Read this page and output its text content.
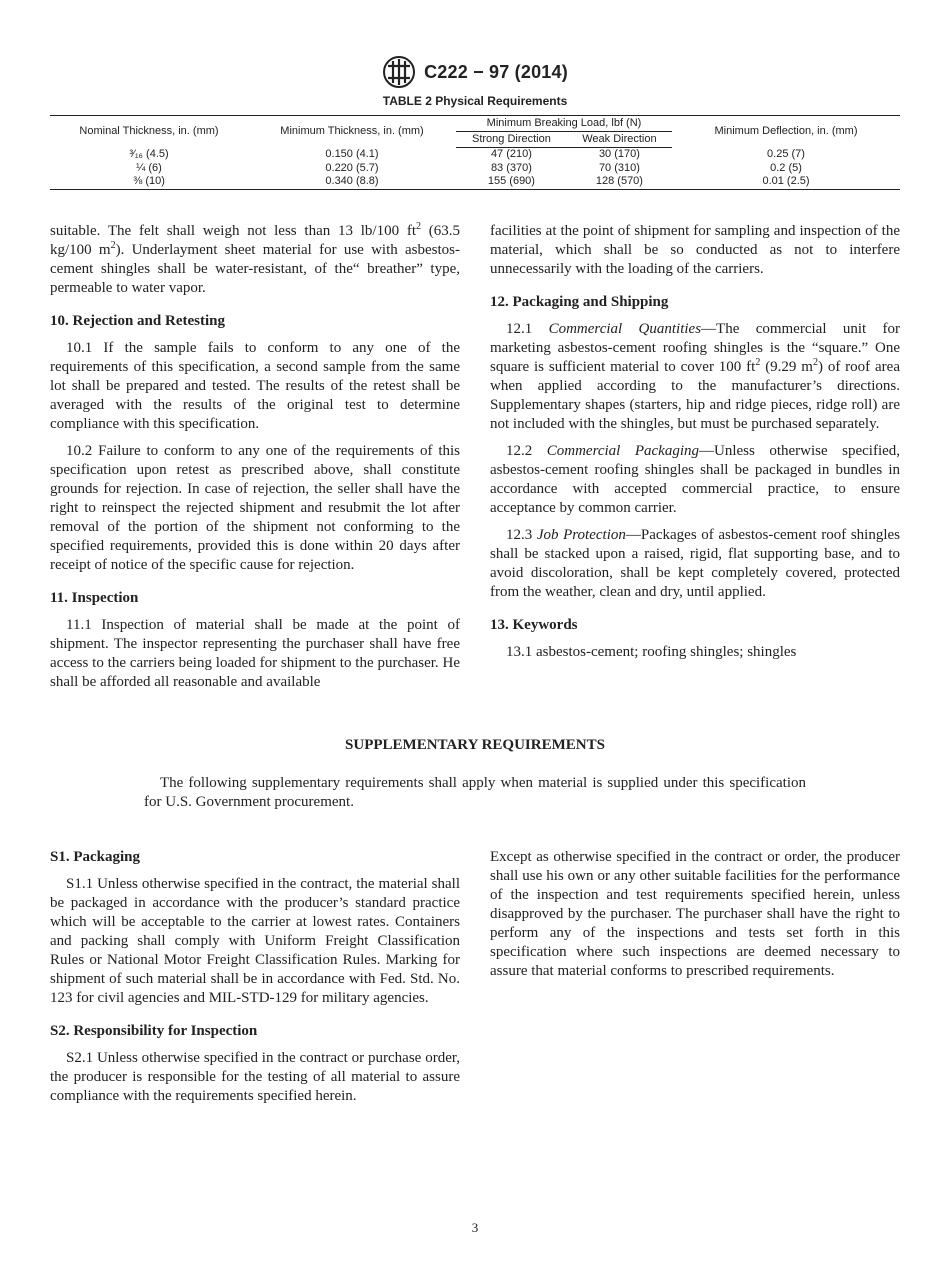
C222 − 97 (2014)
TABLE 2 Physical Requirements
Nominal Thickness, in. (mm)	Minimum Thickness, in. (mm)	Minimum Breaking Load, lbf (N)		Minimum Deflection, in. (mm)
		Strong Direction	Weak Direction	
³⁄₁₆ (4.5)	0.150 (4.1)	47 (210)	30 (170)	0.25 (7)
¼ (6)	0.220 (5.7)	83 (370)	70 (310)	0.2 (5)
⅜ (10)	0.340 (8.8)	155 (690)	128 (570)	0.01 (2.5)

suitable. The felt shall weigh not less than 13 lb/100 $ft^2$ (63.5 kg/100 $m^2$). Underlayment sheet material for use with asbestos-cement shingles shall be water-resistant, of the“ breather” type, permeable to water vapor.

10. Rejection and Retesting

10.1 If the sample fails to conform to any one of the requirements of this specification, a second sample from the same lot shall be prepared and tested. The results of the retest shall be averaged with the results of the original test to determine compliance with this specification.

10.2 Failure to conform to any one of the requirements of this specification upon retest as prescribed above, shall constitute grounds for rejection. In case of rejection, the seller shall have the right to reinspect the rejected shipment and resubmit the lot after removal of the portion of the shipment not conforming to the specified requirements, provided this is done within 20 days after receipt of notice of the specific cause for rejection.

11. Inspection

11.1 Inspection of material shall be made at the point of shipment. The inspector representing the purchaser shall have free access to the carriers being loaded for shipment to the purchaser. He shall be afforded all reasonable and available

facilities at the point of shipment for sampling and inspection of the material, which shall be so conducted as not to interfere unnecessarily with the loading of the carriers.

12. Packaging and Shipping

12.1 Commercial Quantities—The commercial unit for marketing asbestos-cement roofing shingles is the “square.” One square is sufficient material to cover 100 $ft^2$ (9.29 $m^2$) of roof area when applied according to the manufacturer’s directions. Supplementary shapes (starters, hip and ridge pieces, ridge roll) are not included with the shingles, but must be purchased separately.

12.2 Commercial Packaging—Unless otherwise specified, asbestos-cement roofing shingles shall be packaged in bundles in accordance with accepted commercial practice, to ensure acceptance by common carrier.

12.3 Job Protection—Packages of asbestos-cement roof shingles shall be stacked upon a raised, rigid, flat supporting base, and to avoid discoloration, shall be kept completely covered, protected from the weather, clean and dry, until applied.

13. Keywords

13.1 asbestos-cement; roofing shingles; shingles

SUPPLEMENTARY REQUIREMENTS
The following supplementary requirements shall apply when material is supplied under this specification for U.S. Government procurement.
S1. Packaging

S1.1 Unless otherwise specified in the contract, the material shall be packaged in accordance with the producer’s standard practice which will be acceptable to the carrier at lowest rates. Containers and packing shall comply with Uniform Freight Classification Rules or National Motor Freight Classification Rules. Marking for shipment of such material shall be in accordance with Fed. Std. No. 123 for civil agencies and MIL-STD-129 for military agencies.

S2. Responsibility for Inspection

S2.1 Unless otherwise specified in the contract or purchase order, the producer is responsible for the testing of all material to assure compliance with the requirements specified herein.

Except as otherwise specified in the contract or order, the producer shall use his own or any other suitable facilities for the performance of the inspection and test requirements specified herein, unless disapproved by the purchaser. The purchaser shall have the right to perform any of the inspections and tests set forth in this specification where such inspections are deemed necessary to assure that material conforms to prescribed requirements.

3
